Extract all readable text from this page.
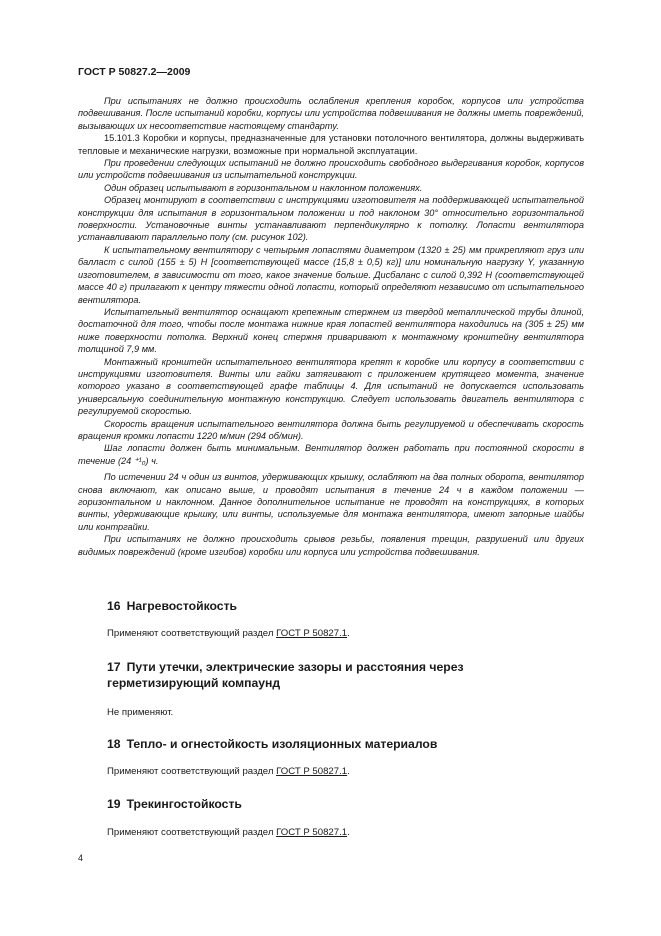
ГОСТ Р 50827.2—2009

При испытаниях не должно происходить ослабления крепления коробок, корпусов или устройства подвешивания. После испытаний коробки, корпусы или устройства подвешивания не должны иметь повреждений, вызывающих их несоответствие настоящему стандарту.

15.101.3 Коробки и корпусы, предназначенные для установки потолочного вентилятора, должны выдерживать тепловые и механические нагрузки, возможные при нормальной эксплуатации.

При проведении следующих испытаний не должно происходить свободного выдергивания коробок, корпусов или устройств подвешивания из испытательной конструкции.

Один образец испытывают в горизонтальном и наклонном положениях.

Образец монтируют в соответствии с инструкциями изготовителя на поддерживающей испытательной конструкции для испытания в горизонтальном положении и под наклоном 30° относительно горизонтальной поверхности. Установочные винты устанавливают перпендикулярно к потолку. Лопасти вентилятора устанавливают параллельно полу (см. рисунок 102).

К испытательному вентилятору с четырьмя лопастями диаметром (1320 ± 25) мм прикрепляют груз или балласт с силой (155 ± 5) Н [соответствующей массе (15,8 ± 0,5) кг)] или номинальную нагрузку Y, указанную изготовителем, в зависимости от того, какое значение больше. Дисбаланс с силой 0,392 Н (соответствующей массе 40 г) прилагают к центру тяжести одной лопасти, который определяют независимо от испытательного вентилятора.

Испытательный вентилятор оснащают крепежным стержнем из твердой металлической трубы длиной, достаточной для того, чтобы после монтажа нижние края лопастей вентилятора находились на (305 ± 25) мм ниже поверхности потолка. Верхний конец стержня приваривают к монтажному кронштейну вентилятора толщиной 7,9 мм.

Монтажный кронштейн испытательного вентилятора крепят к коробке или корпусу в соответствии с инструкциями изготовителя. Винты или гайки затягивают с приложением крутящего момента, значение которого указано в соответствующей графе таблицы 4. Для испытаний не допускается использовать универсальную соединительную монтажную конструкцию. Следует использовать двигатель вентилятора с регулируемой скоростью.

Скорость вращения испытательного вентилятора должна быть регулируемой и обеспечивать скорость вращения кромки лопасти 1220 м/мин (294 об/мин).

Шаг лопасти должен быть минимальным. Вентилятор должен работать при постоянной скорости в течение (24 ⁺¹₀) ч.

По истечении 24 ч один из винтов, удерживающих крышку, ослабляют на два полных оборота, вентилятор снова включают, как описано выше, и проводят испытания в течение 24 ч в каждом положении — горизонтальном и наклонном. Данное дополнительное испытание не проводят на конструкциях, в которых винты, удерживающие крышку, или винты, используемые для монтажа вентилятора, имеют запорные шайбы или контргайки.

При испытаниях не должно происходить срывов резьбы, появления трещин, разрушений или других видимых повреждений (кроме изгибов) коробки или корпуса или устройства подвешивания.

16 Нагревостойкость
Применяют соответствующий раздел ГОСТ Р 50827.1.
17 Пути утечки, электрические зазоры и расстояния через
герметизирующий компаунд
Не применяют.
18 Тепло- и огнестойкость изоляционных материалов
Применяют соответствующий раздел ГОСТ Р 50827.1.
19 Трекингостойкость
Применяют соответствующий раздел ГОСТ Р 50827.1.
4
